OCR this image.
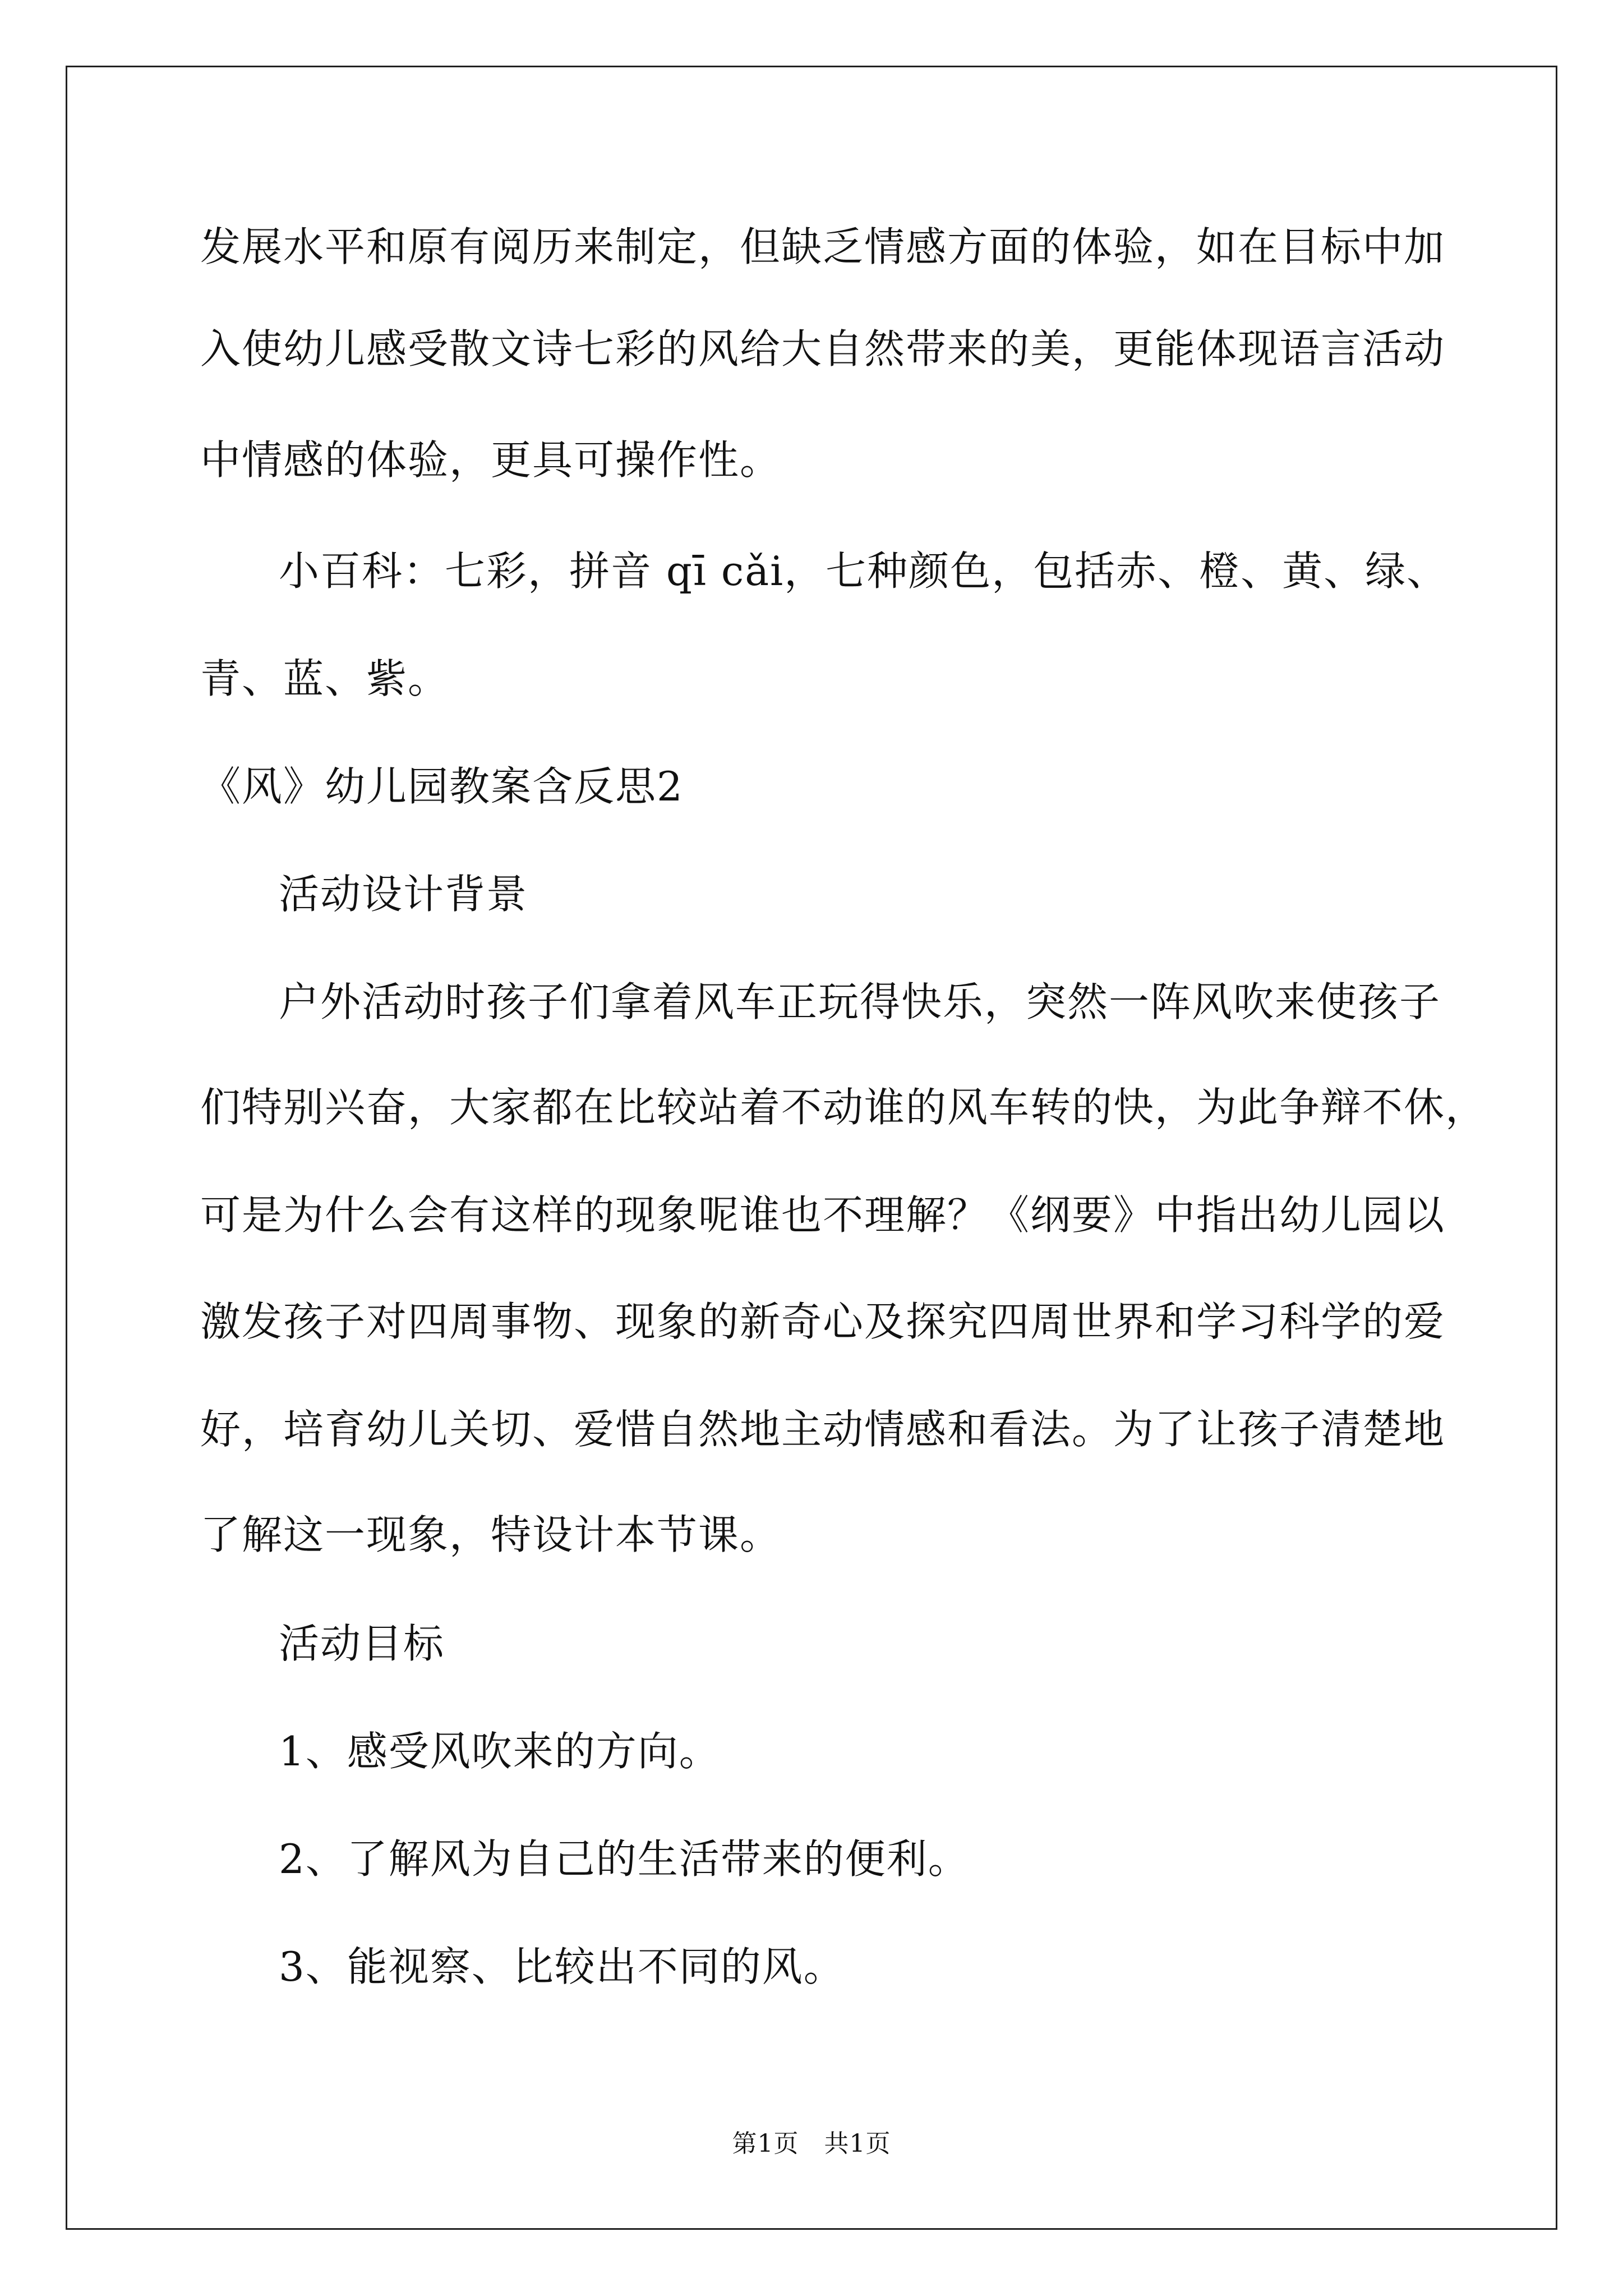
发展水平和原有阅历来制定，但缺乏情感方面的体验，如在目标中加
入使幼儿感受散文诗七彩的风给大自然带来的美，更能体现语言活动
中情感的体验，更具可操作性。
小百科：七彩，拼音 qī cǎi，七种颜色，包括赤、橙、黄、绿、
青、蓝、紫。
《风》幼儿园教案含反思2
活动设计背景
户外活动时孩子们拿着风车正玩得快乐，突然一阵风吹来使孩子
们特别兴奋，大家都在比较站着不动谁的风车转的快，为此争辩不休，
可是为什么会有这样的现象呢谁也不理解？《纲要》中指出幼儿园以
激发孩子对四周事物、现象的新奇心及探究四周世界和学习科学的爱
好，培育幼儿关切、爱惜自然地主动情感和看法。为了让孩子清楚地
了解这一现象，特设计本节课。
活动目标
1、感受风吹来的方向。
2、了解风为自己的生活带来的便利。
3、能视察、比较出不同的风。
第1页　共1页
